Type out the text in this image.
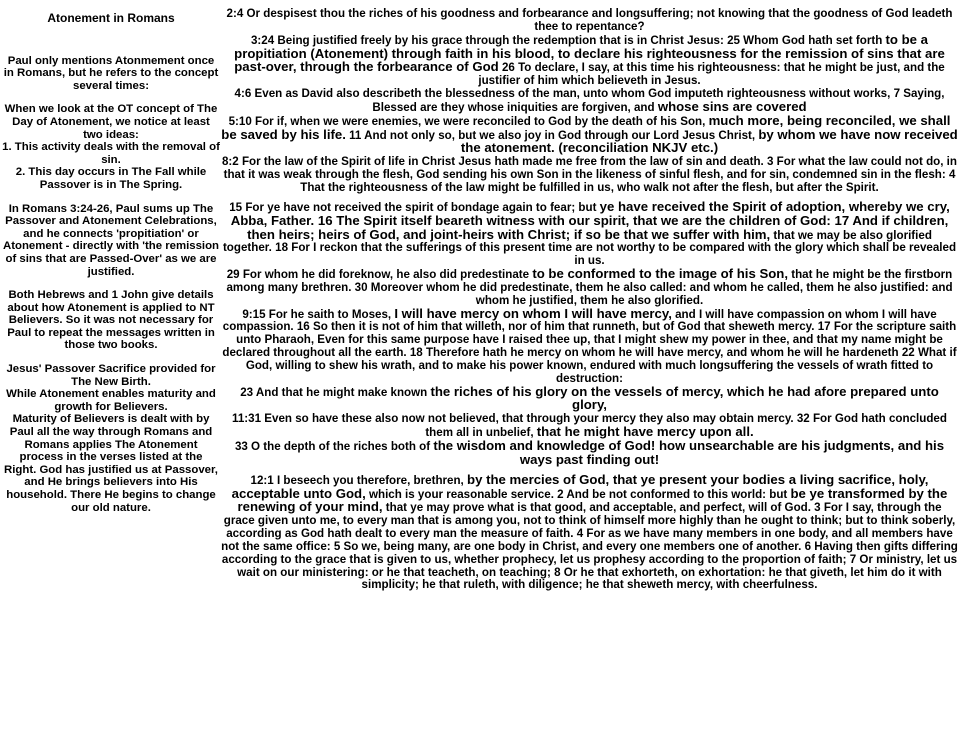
Atonement in Romans

Paul only mentions Atonmement once in Romans, but he refers to the concept several times:

When we look at the OT concept of The Day of Atonement, we notice at least two ideas:

1. This activity deals with the removal of sin.

2. This day occurs in The Fall while Passover is in The Spring.

In Romans 3:24-26, Paul sums up The Passover and Atonement Celebrations, and he connects 'propitiation' or Atonement - directly with 'the remission of sins that are Passed-Over' as we are justified.

Both Hebrews and 1 John give details about how Atonement is applied to NT Believers. So it was not necessary for Paul to repeat the messages written in those two books.

Jesus' Passover Sacrifice provided for The New Birth.

While Atonement enables maturity and growth for Believers.

Maturity of Believers is dealt with by Paul all the way through Romans and Romans applies The Atonement process in the verses listed at the Right. God has justified us at Passover, and He brings believers into His household. There He begins to change our old nature.

2:4 Or despisest thou the riches of his goodness and forbearance and longsuffering; not knowing that the goodness of God leadeth thee to repentance?

3:24 Being justified freely by his grace through the redemption that is in Christ Jesus: 25 Whom God hath set forth to be a propitiation (Atonement) through faith in his blood, to declare his righteousness for the remission of sins that are past-over, through the forbearance of God 26 To declare, I say, at this time his righteousness: that he might be just, and the justifier of him which believeth in Jesus.

4:6 Even as David also describeth the blessedness of the man, unto whom God imputeth righteousness without works, 7 Saying, Blessed are they whose iniquities are forgiven, and whose sins are covered

5:10 For if, when we were enemies, we were reconciled to God by the death of his Son, much more, being reconciled, we shall be saved by his life. 11 And not only so, but we also joy in God through our Lord Jesus Christ, by whom we have now received the atonement. (reconciliation NKJV etc.)

8:2 For the law of the Spirit of life in Christ Jesus hath made me free from the law of sin and death. 3 For what the law could not do, in that it was weak through the flesh, God sending his own Son in the likeness of sinful flesh, and for sin, condemned sin in the flesh: 4 That the righteousness of the law might be fulfilled in us, who walk not after the flesh, but after the Spirit.

15 For ye have not received the spirit of bondage again to fear; but ye have received the Spirit of adoption, whereby we cry, Abba, Father. 16 The Spirit itself beareth witness with our spirit, that we are the children of God: 17 And if children, then heirs; heirs of God, and joint-heirs with Christ; if so be that we suffer with him, that we may be also glorified together. 18 For I reckon that the sufferings of this present time are not worthy to be compared with the glory which shall be revealed in us.

29 For whom he did foreknow, he also did predestinate to be conformed to the image of his Son, that he might be the firstborn among many brethren. 30 Moreover whom he did predestinate, them he also called: and whom he called, them he also justified: and whom he justified, them he also glorified.

9:15 For he saith to Moses, I will have mercy on whom I will have mercy, and I will have compassion on whom I will have compassion. 16 So then it is not of him that willeth, nor of him that runneth, but of God that sheweth mercy. 17 For the scripture saith unto Pharaoh, Even for this same purpose have I raised thee up, that I might shew my power in thee, and that my name might be declared throughout all the earth. 18 Therefore hath he mercy on whom he will have mercy, and whom he will he hardeneth 22 What if God, willing to shew his wrath, and to make his power known, endured with much longsuffering the vessels of wrath fitted to destruction:

23 And that he might make known the riches of his glory on the vessels of mercy, which he had afore prepared unto glory,

11:31 Even so have these also now not believed, that through your mercy they also may obtain mercy. 32 For God hath concluded them all in unbelief, that he might have mercy upon all.

33 O the depth of the riches both of the wisdom and knowledge of God! how unsearchable are his judgments, and his ways past finding out!

12:1 I beseech you therefore, brethren, by the mercies of God, that ye present your bodies a living sacrifice, holy, acceptable unto God, which is your reasonable service. 2 And be not conformed to this world: but be ye transformed by the renewing of your mind, that ye may prove what is that good, and acceptable, and perfect, will of God. 3 For I say, through the grace given unto me, to every man that is among you, not to think of himself more highly than he ought to think; but to think soberly, according as God hath dealt to every man the measure of faith. 4 For as we have many members in one body, and all members have not the same office: 5 So we, being many, are one body in Christ, and every one members one of another. 6 Having then gifts differing according to the grace that is given to us, whether prophecy, let us prophesy according to the proportion of faith; 7 Or ministry, let us wait on our ministering: or he that teacheth, on teaching; 8 Or he that exhorteth, on exhortation: he that giveth, let him do it with simplicity; he that ruleth, with diligence; he that sheweth mercy, with cheerfulness.
